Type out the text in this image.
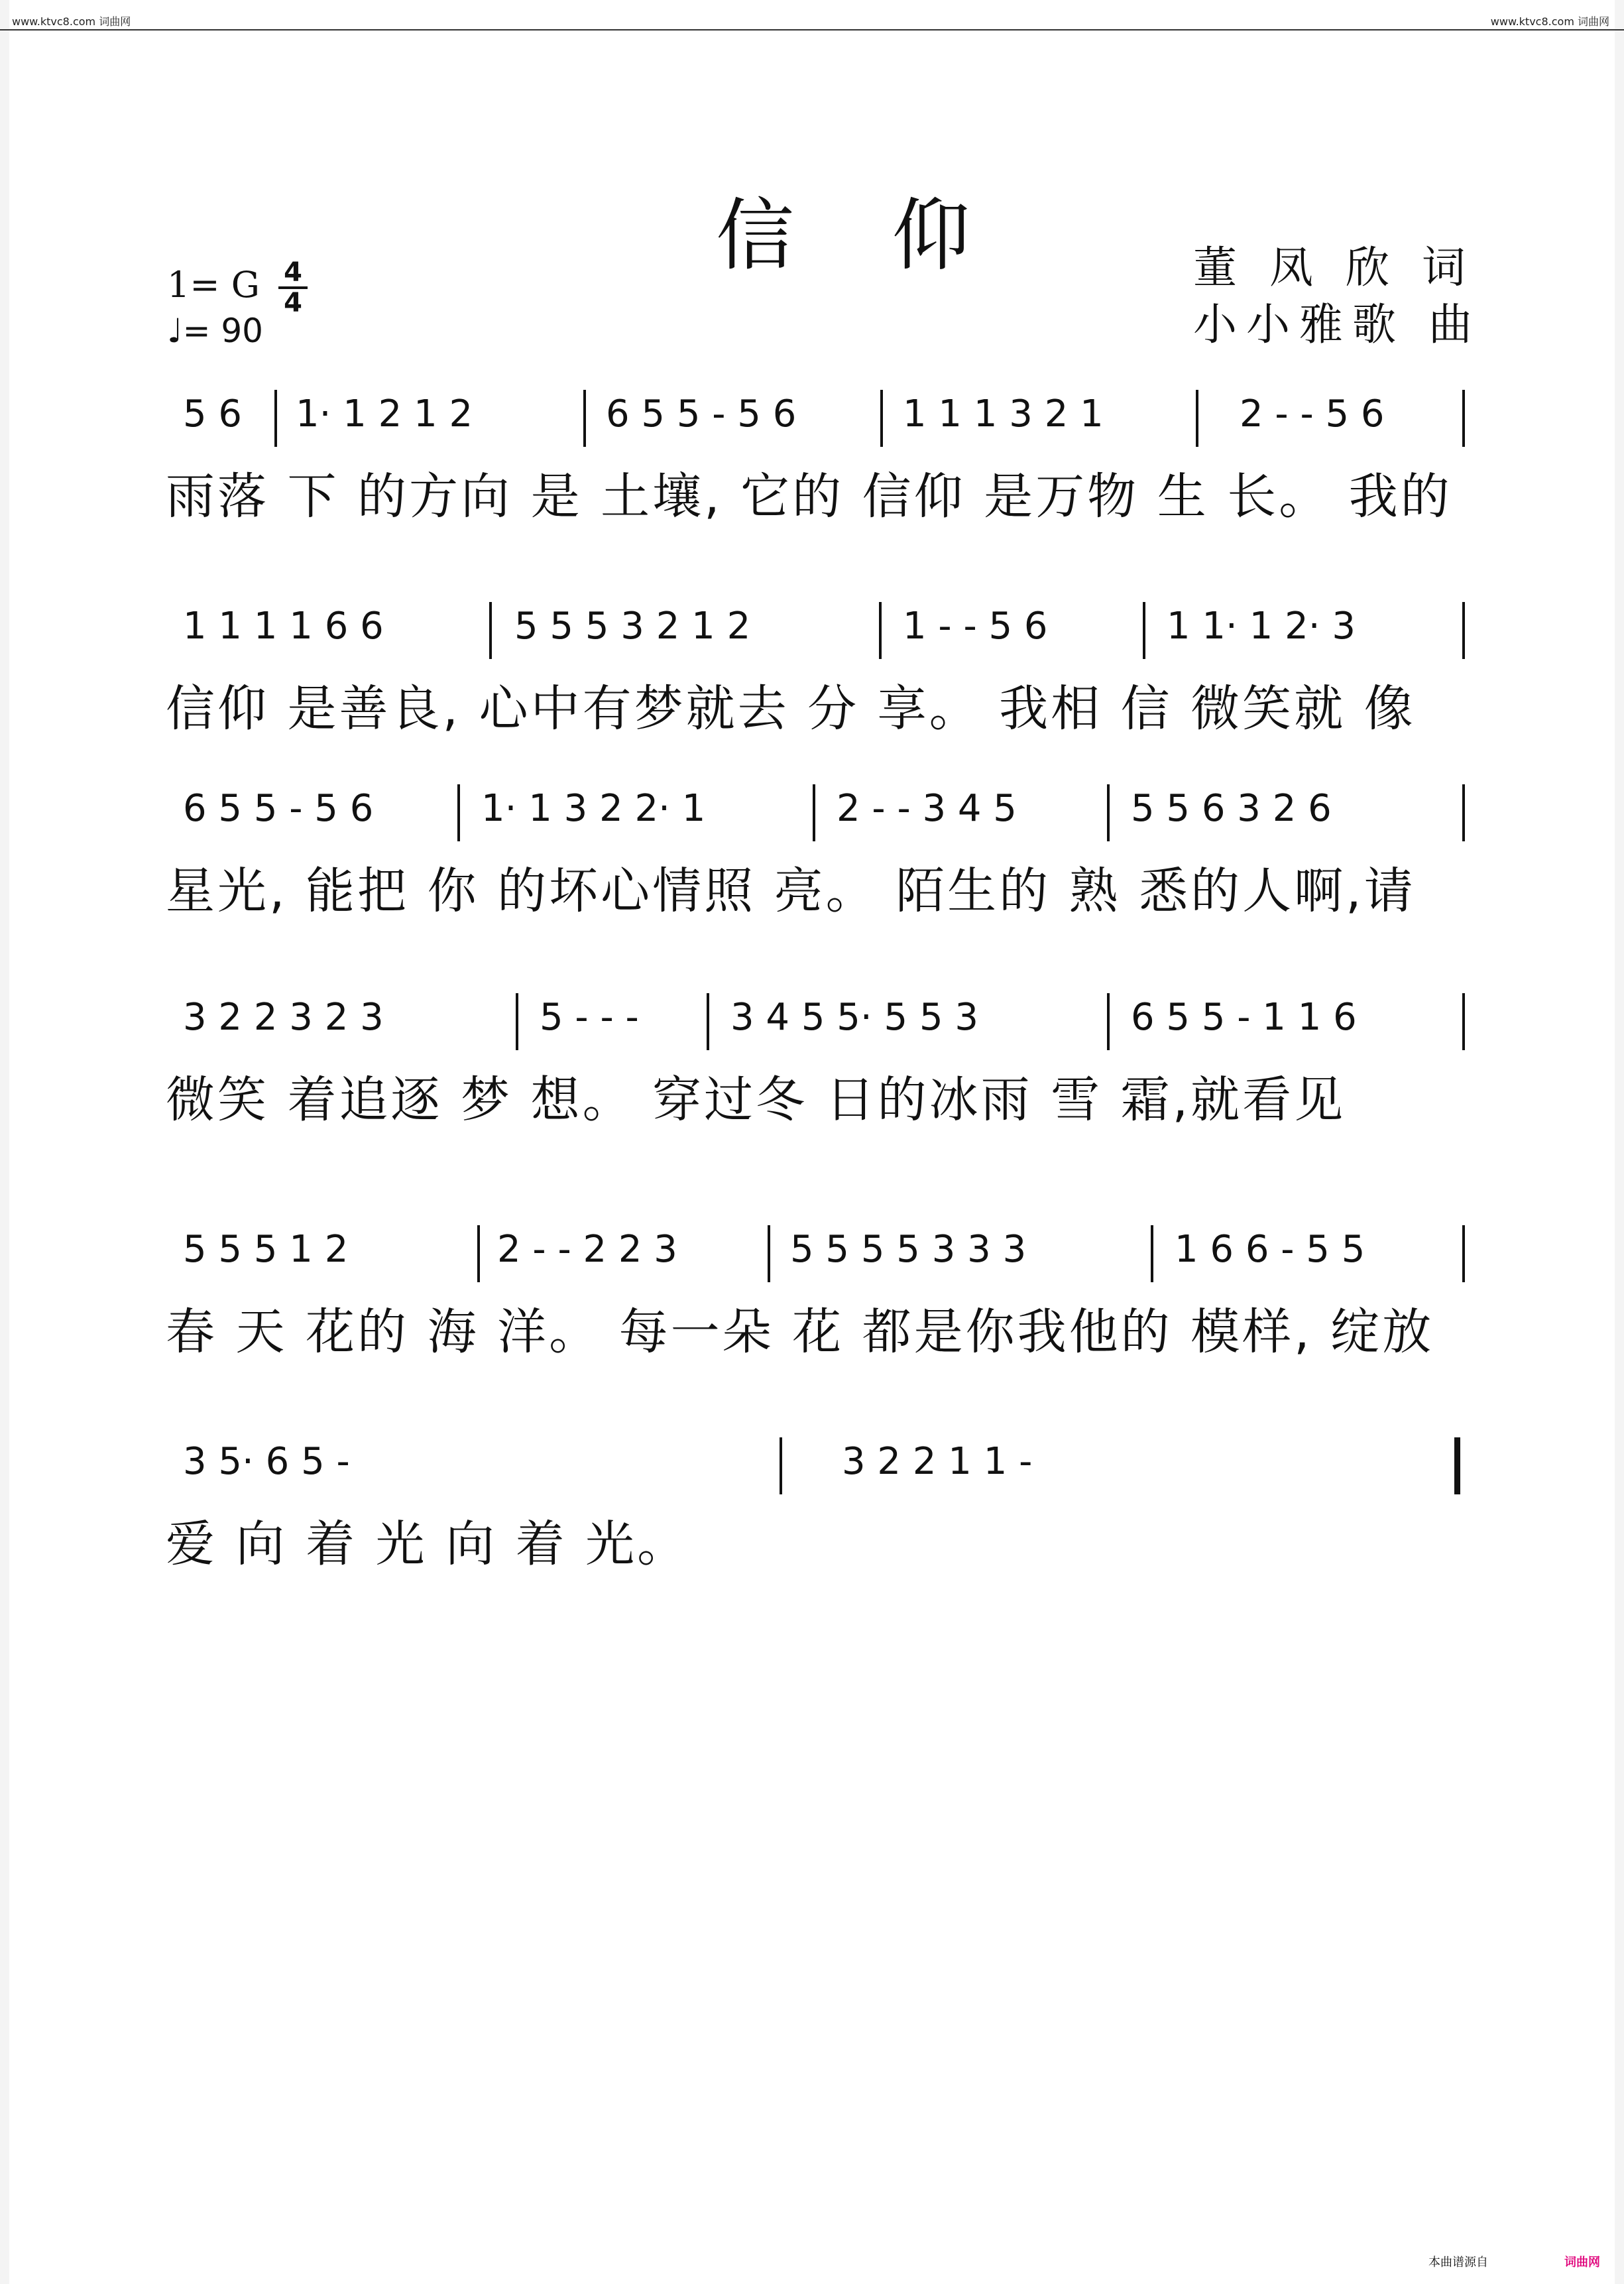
www.ktvc8.com 词曲网	www.ktvc8.com 词曲网
信 仰	董 凤 欣 词
小小雅歌 曲
1= G 4
4
♩= 90
5 6 1· 1 2 1 2	6 5 5 - 5 6	1 1 1 3 2 1	2 - - 5 6
雨落 下 的方向 是 土壤, 它的 信仰 是万物 生 长。 我的
1 1 1 1 6 6	5 5 5 3 2 1 2	1 - - 5 6	1 1· 1 2· 3
信仰 是善良, 心中有梦就去 分 享。 我相 信 微笑就 像
6 5 5 - 5 6	1· 1 3 2 2· 1	2 - - 3 4 5	5 5 6 3 2 6
星光, 能把 你 的坏心情照 亮。 陌生的 熟 悉的人啊,请
3 2 2 3 2 3	5 - - - 3 4 5 5· 5 5 3	6 5 5 - 1 1 6
微笑 着追逐 梦 想。 穿过冬 日的冰雨 雪 霜,就看见
5 5 5 1 2	2 - - 2 2 3	5 5 5 5 3 3 3	1 6 6 - 5 5
春 天 花的 海 洋。 每一朵 花 都是你我他的 模样, 绽放
3 5· 6 5 -	3 2 2 1 1 -
爱 向 着 光 向 着 光。
本曲谱源自	词曲网
